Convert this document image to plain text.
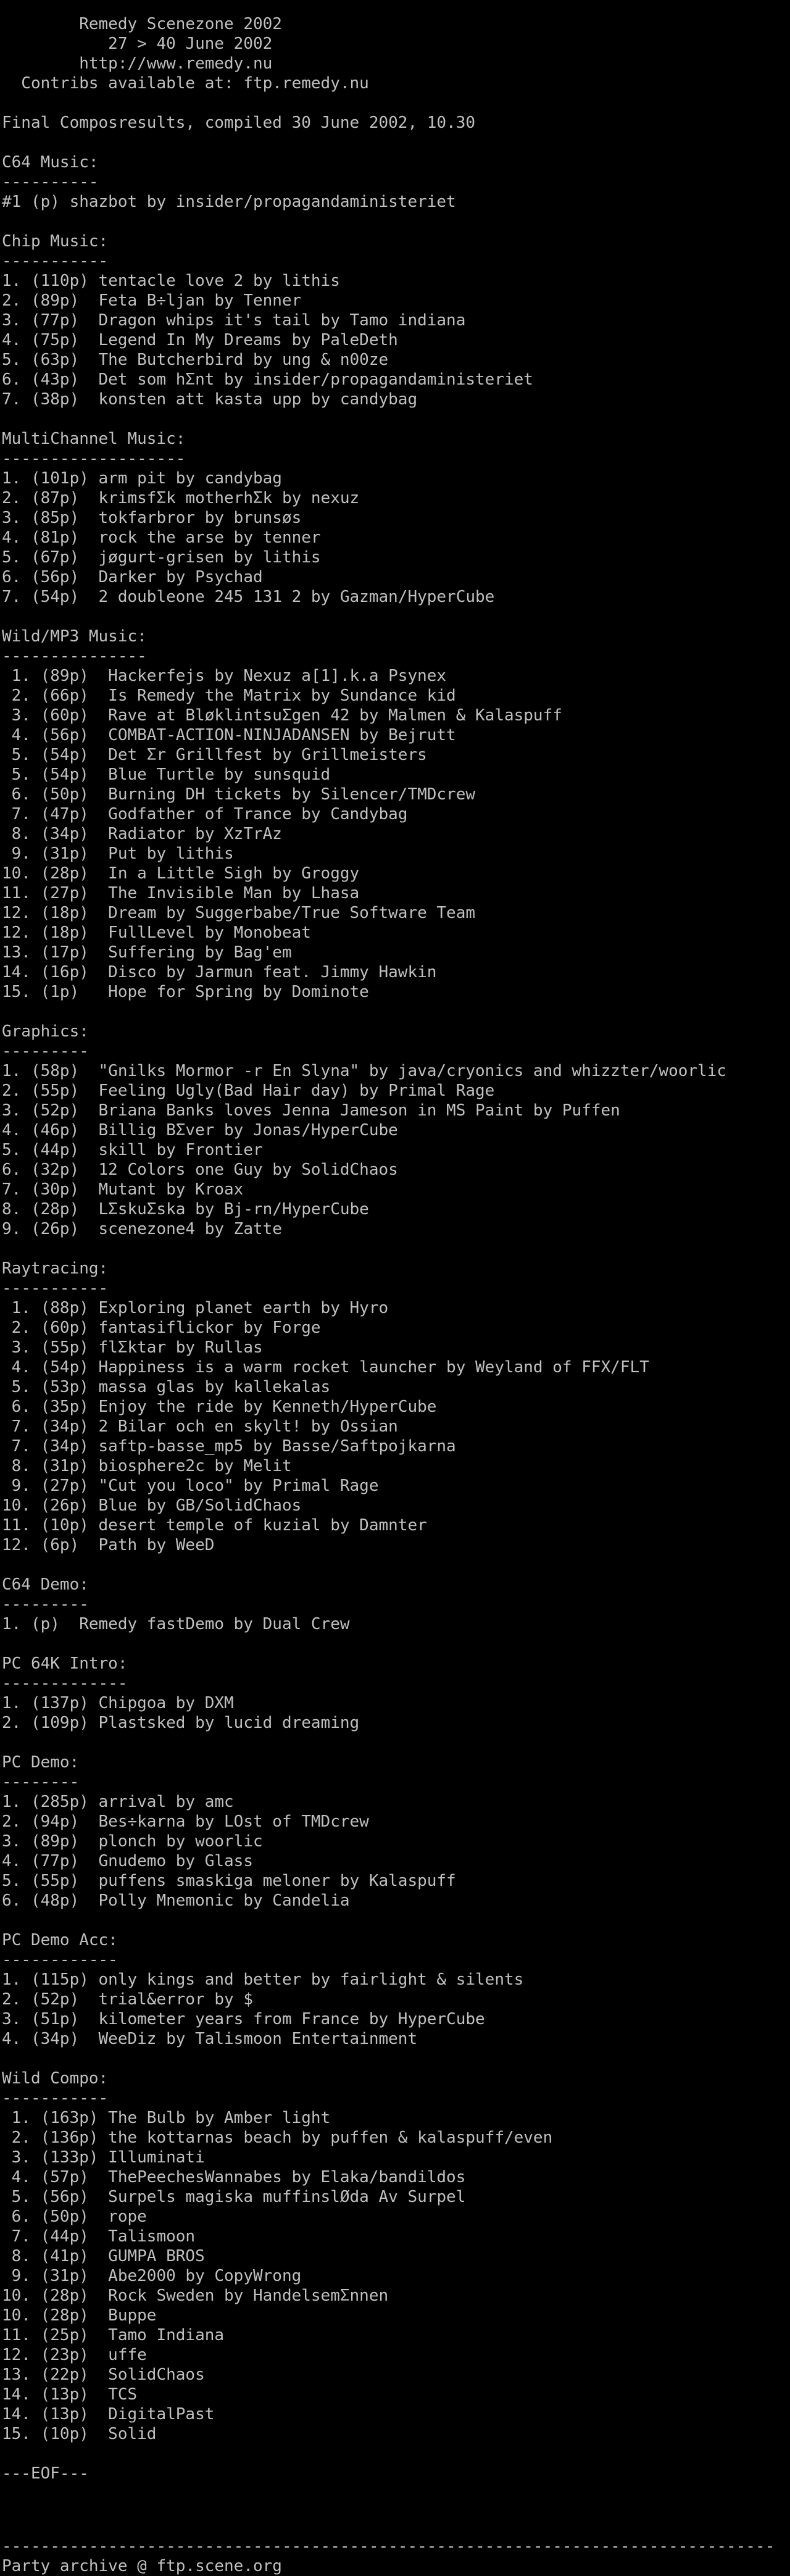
Remedy Scenezone 2002
27 > 40 June 2002
http://www.remedy.nu
Contribs available at: ftp.remedy.nu
Final Composresults, compiled 30 June 2002, 10.30
C64 Music:
----------
#1 (p) shazbot by insider/propagandaministeriet
Chip Music:
-----------
1. (110p) tentacle love 2 by lithis
2. (89p)  Feta B÷ljan by Tenner
3. (77p)  Dragon whips it's tail by Tamo indiana
4. (75p)  Legend In My Dreams by PaleDeth
5. (63p)  The Butcherbird by ung & n00ze
6. (43p)  Det som hΣnt by insider/propagandaministeriet
7. (38p)  konsten att kasta upp by candybag
MultiChannel Music:
-------------------
1. (101p) arm pit by candybag
2. (87p)  krimsfΣk motherhΣk by nexuz
3. (85p)  tokfarbror by brunsøs
4. (81p)  rock the arse by tenner
5. (67p)  jøgurt-grisen by lithis
6. (56p)  Darker by Psychad
7. (54p)  2 doubleone 245 131 2 by Gazman/HyperCube
Wild/MP3 Music:
---------------
1. (89p)  Hackerfejs by Nexuz a[1].k.a Psynex
2. (66p)  Is Remedy the Matrix by Sundance kid
3. (60p)  Rave at BløklintsuΣgen 42 by Malmen & Kalaspuff
4. (56p)  COMBAT-ACTION-NINJADANSEN by Bejrutt
5. (54p)  Det Σr Grillfest by Grillmeisters
5. (54p)  Blue Turtle by sunsquid
6. (50p)  Burning DH tickets by Silencer/TMDcrew
7. (47p)  Godfather of Trance by Candybag
8. (34p)  Radiator by XzTrAz
9. (31p)  Put by lithis
10. (28p)  In a Little Sigh by Groggy
11. (27p)  The Invisible Man by Lhasa
12. (18p)  Dream by Suggerbabe/True Software Team
12. (18p)  FullLevel by Monobeat
13. (17p)  Suffering by Bag'em
14. (16p)  Disco by Jarmun feat. Jimmy Hawkin
15. (1p)   Hope for Spring by Dominote
Graphics:
---------
1. (58p)  "Gnilks Mormor -r En Slyna" by java/cryonics and whizzter/woorlic
2. (55p)  Feeling Ugly(Bad Hair day) by Primal Rage
3. (52p)  Briana Banks loves Jenna Jameson in MS Paint by Puffen
4. (46p)  Billig BΣver by Jonas/HyperCube
5. (44p)  skill by Frontier
6. (32p)  12 Colors one Guy by SolidChaos
7. (30p)  Mutant by Kroax
8. (28p)  LΣskuΣska by Bj-rn/HyperCube
9. (26p)  scenezone4 by Zatte
Raytracing:
-----------
1. (88p) Exploring planet earth by Hyro
2. (60p) fantasiflickor by Forge
3. (55p) flΣktar by Rullas
4. (54p) Happiness is a warm rocket launcher by Weyland of FFX/FLT
5. (53p) massa glas by kallekalas
6. (35p) Enjoy the ride by Kenneth/HyperCube
7. (34p) 2 Bilar och en skylt! by Ossian
7. (34p) saftp-basse_mp5 by Basse/Saftpojkarna
8. (31p) biosphere2c by Melit
9. (27p) "Cut you loco" by Primal Rage
10. (26p) Blue by GB/SolidChaos
11. (10p) desert temple of kuzial by Damnter
12. (6p)  Path by WeeD
C64 Demo:
---------
1. (p)  Remedy fastDemo by Dual Crew
PC 64K Intro:
-------------
1. (137p) Chipgoa by DXM
2. (109p) Plastsked by lucid dreaming
PC Demo:
--------
1. (285p) arrival by amc
2. (94p)  Bes÷karna by LOst of TMDcrew
3. (89p)  plonch by woorlic
4. (77p)  Gnudemo by Glass
5. (55p)  puffens smaskiga meloner by Kalaspuff
6. (48p)  Polly Mnemonic by Candelia
PC Demo Acc:
------------
1. (115p) only kings and better by fairlight & silents
2. (52p)  trial&error by $
3. (51p)  kilometer years from France by HyperCube
4. (34p)  WeeDiz by Talismoon Entertainment
Wild Compo:
-----------
1. (163p) The Bulb by Amber light
2. (136p) the kottarnas beach by puffen & kalaspuff/even
3. (133p) Illuminati
4. (57p)  ThePeechesWannabes by Elaka/bandildos
5. (56p)  Surpels magiska muffinslØda Av Surpel
6. (50p)  rope
7. (44p)  Talismoon
8. (41p)  GUMPA BROS
9. (31p)  Abe2000 by CopyWrong
10. (28p)  Rock Sweden by HandelsemΣnnen
10. (28p)  Buppe
11. (25p)  Tamo Indiana
12. (23p)  uffe
13. (22p)  SolidChaos
14. (13p)  TCS
14. (13p)  DigitalPast
15. (10p)  Solid
---EOF---
--------------------------------------------------------------------------------
Party archive @ ftp.scene.org
